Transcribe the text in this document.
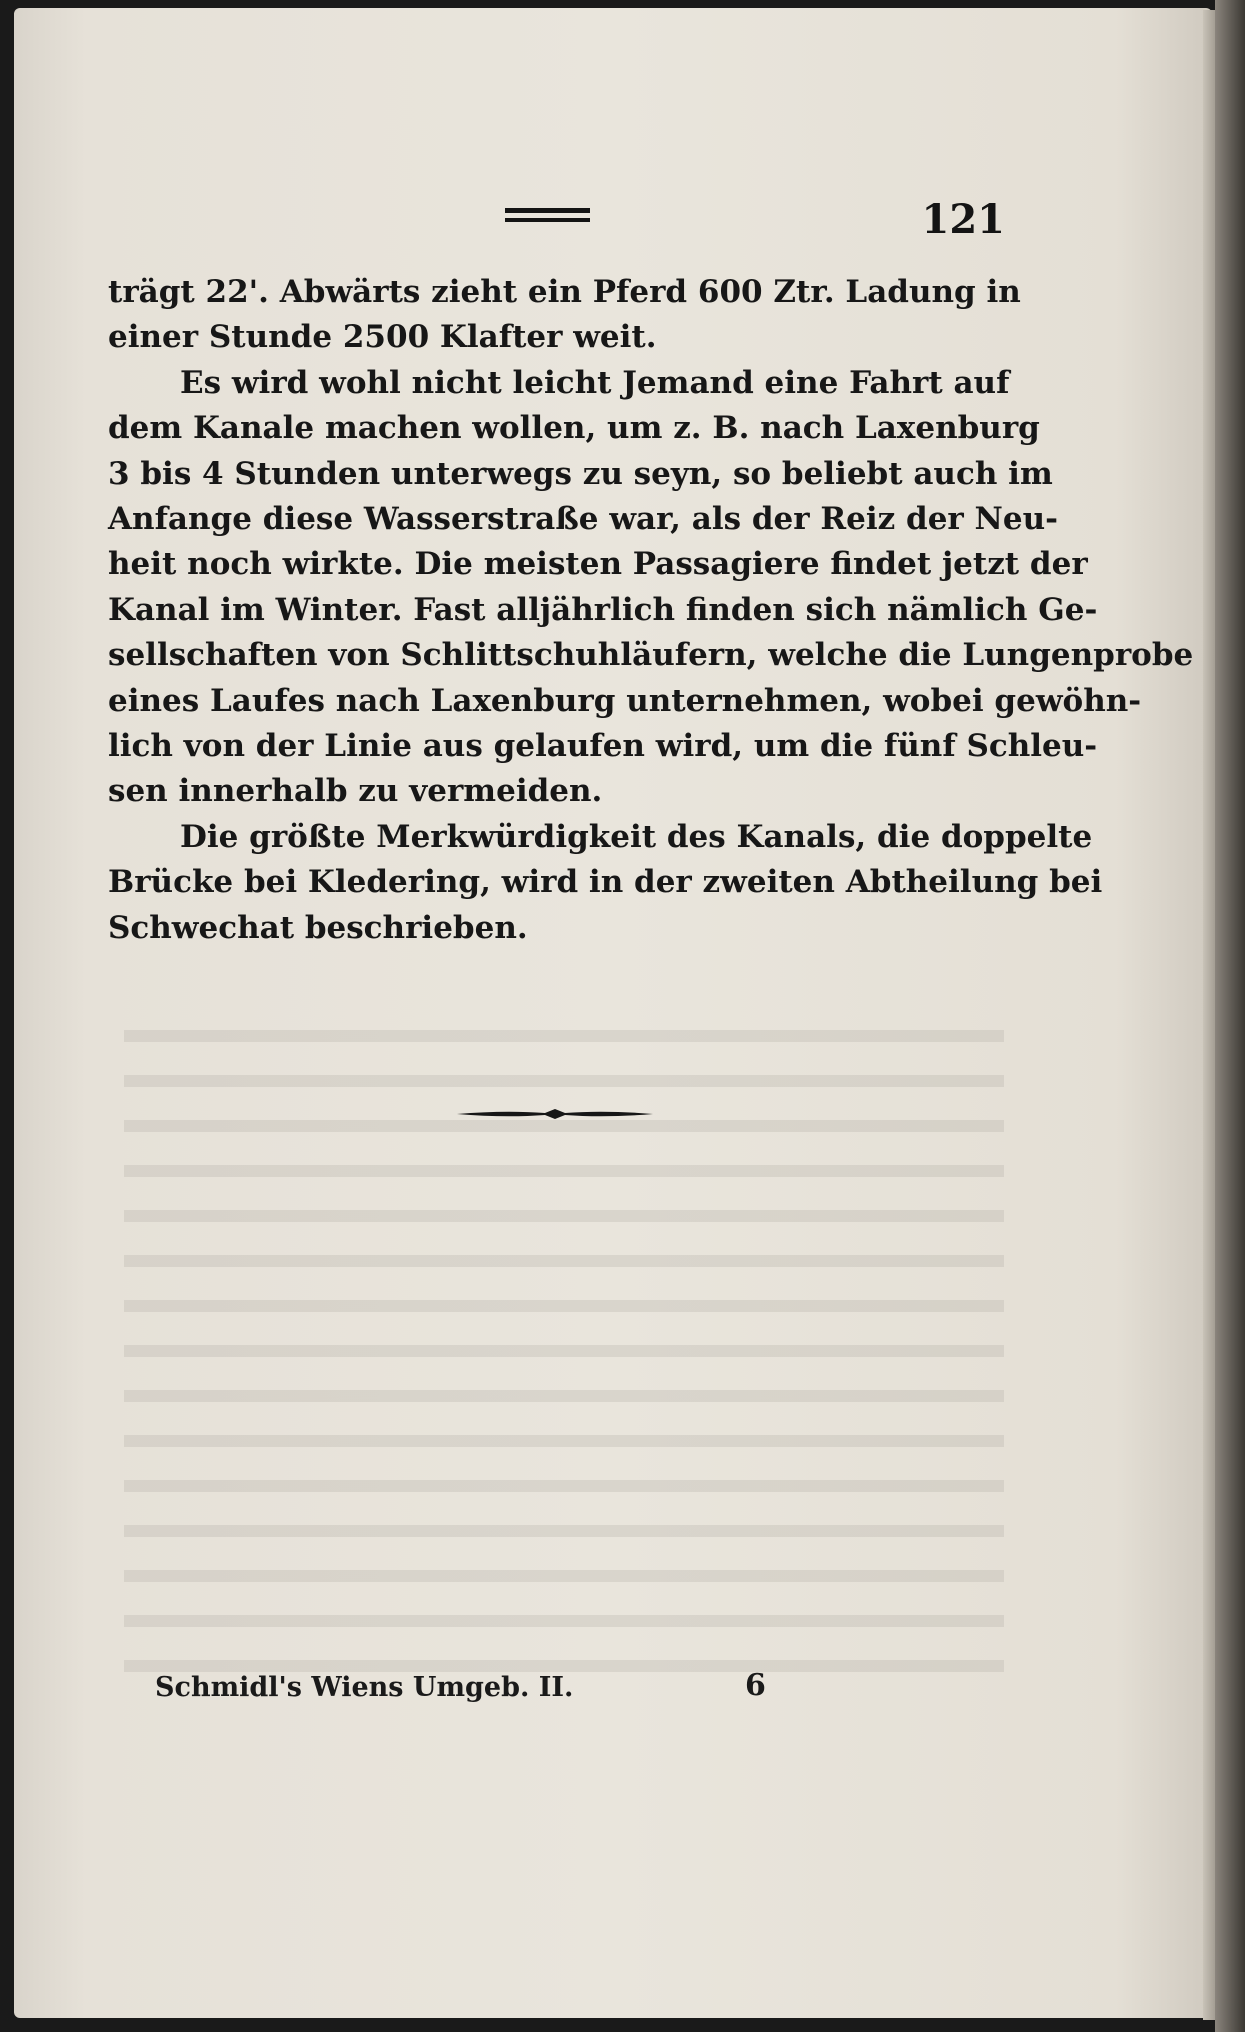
121

trägt 22'. Abwärts zieht ein Pferd 600 Ztr. Ladung in
einer Stunde 2500 Klafter weit.

Es wird wohl nicht leicht Jemand eine Fahrt auf
dem Kanale machen wollen, um z. B. nach Laxenburg
3 bis 4 Stunden unterwegs zu seyn, so beliebt auch im
Anfange diese Wasserstraße war, als der Reiz der Neu-
heit noch wirkte. Die meisten Passagiere findet jetzt der
Kanal im Winter. Fast alljährlich finden sich nämlich Ge-
sellschaften von Schlittschuhläufern, welche die Lungenprobe
eines Laufes nach Laxenburg unternehmen, wobei gewöhn-
lich von der Linie aus gelaufen wird, um die fünf Schleu-
sen innerhalb zu vermeiden.

Die größte Merkwürdigkeit des Kanals, die doppelte
Brücke bei Kledering, wird in der zweiten Abtheilung bei
Schwechat beschrieben.

Schmidl's Wiens Umgeb. II.	6
